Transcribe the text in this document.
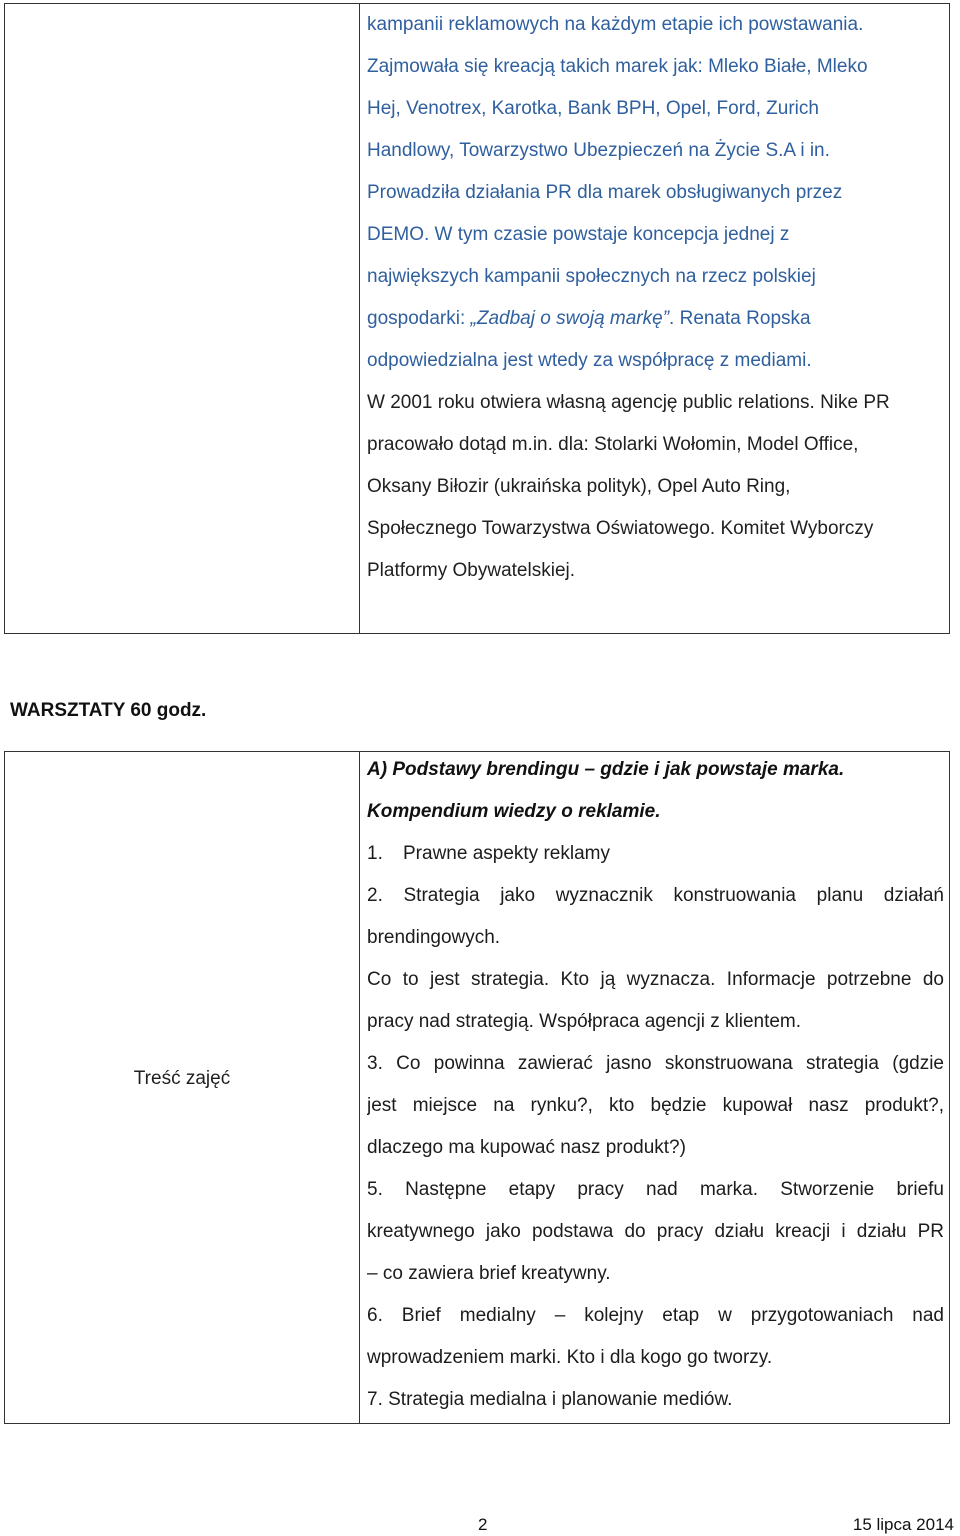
kampanii reklamowych na każdym etapie ich powstawania.
Zajmowała się kreacją takich marek jak: Mleko Białe, Mleko
Hej, Venotrex, Karotka, Bank BPH, Opel, Ford, Zurich
Handlowy, Towarzystwo Ubezpieczeń na Życie S.A i in.
Prowadziła działania PR dla marek obsługiwanych przez
DEMO. W tym czasie powstaje koncepcja jednej z
największych kampanii społecznych na rzecz polskiej
gospodarki: „Zadbaj o swoją markę”. Renata Ropska
odpowiedzialna jest wtedy za współpracę z mediami.
W 2001 roku otwiera własną agencję public relations. Nike PR
pracowało dotąd m.in. dla: Stolarki Wołomin, Model Office,
Oksany Biłozir (ukraińska polityk), Opel Auto Ring,
Społecznego Towarzystwa Oświatowego. Komitet Wyborczy
Platformy Obywatelskiej.
WARSZTATY 60 godz.
Treść zajęć
A) Podstawy brendingu – gdzie i jak powstaje marka.
Kompendium wiedzy o reklamie.
1. Prawne aspekty reklamy
2. Strategia jako wyznacznik konstruowania planu działań
brendingowych.
Co to jest strategia. Kto ją wyznacza. Informacje potrzebne do
pracy nad strategią. Współpraca agencji z klientem.
3. Co powinna zawierać jasno skonstruowana strategia (gdzie
jest miejsce na rynku?, kto będzie kupował nasz produkt?,
dlaczego ma kupować nasz produkt?)
5. Następne etapy pracy nad marka. Stworzenie briefu
kreatywnego jako podstawa do pracy działu kreacji i działu PR
– co zawiera brief kreatywny.
6. Brief medialny – kolejny etap w przygotowaniach nad
wprowadzeniem marki. Kto i dla kogo go tworzy.
7. Strategia medialna i planowanie mediów.
2	15 lipca 2014
